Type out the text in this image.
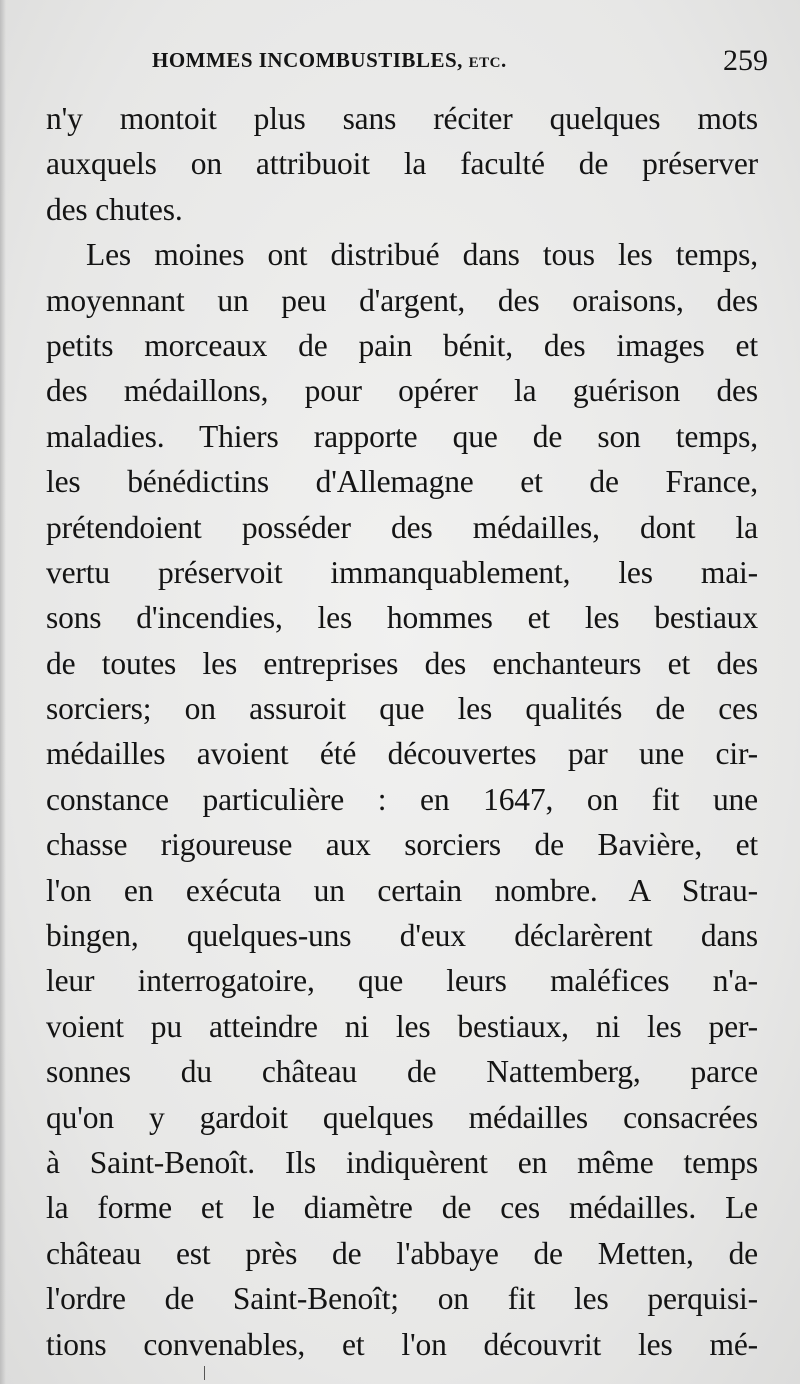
HOMMES INCOMBUSTIBLES, etc.	259
n'y montoit plus sans réciter quelques mots
auxquels on attribuoit la faculté de préserver
des chutes.
Les moines ont distribué dans tous les temps,
moyennant un peu d'argent, des oraisons, des
petits morceaux de pain bénit, des images et
des médaillons, pour opérer la guérison des
maladies. Thiers rapporte que de son temps,
les bénédictins d'Allemagne et de France,
prétendoient posséder des médailles, dont la
vertu préservoit immanquablement, les mai-
sons d'incendies, les hommes et les bestiaux
de toutes les entreprises des enchanteurs et des
sorciers; on assuroit que les qualités de ces
médailles avoient été découvertes par une cir-
constance particulière : en 1647, on fit une
chasse rigoureuse aux sorciers de Bavière, et
l'on en exécuta un certain nombre. A Strau-
bingen, quelques-uns d'eux déclarèrent dans
leur interrogatoire, que leurs maléfices n'a-
voient pu atteindre ni les bestiaux, ni les per-
sonnes du château de Nattemberg, parce
qu'on y gardoit quelques médailles consacrées
à Saint-Benoît. Ils indiquèrent en même temps
la forme et le diamètre de ces médailles. Le
château est près de l'abbaye de Metten, de
l'ordre de Saint-Benoît; on fit les perquisi-
tions convenables, et l'on découvrit les mé-
